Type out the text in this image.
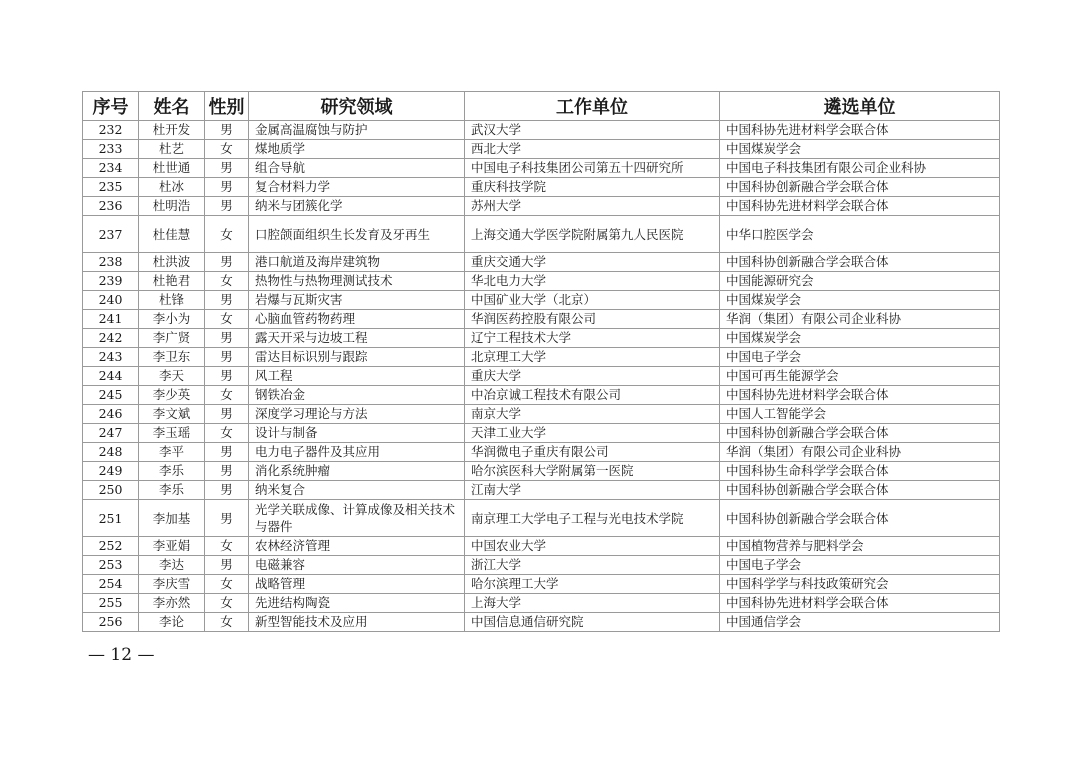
序号	姓名	性别	研究领域	工作单位	遴选单位
232	杜开发	男	金属高温腐蚀与防护	武汉大学	中国科协先进材料学会联合体
233	杜艺	女	煤地质学	西北大学	中国煤炭学会
234	杜世通	男	组合导航	中国电子科技集团公司第五十四研究所	中国电子科技集团有限公司企业科协
235	杜冰	男	复合材料力学	重庆科技学院	中国科协创新融合学会联合体
236	杜明浩	男	纳米与团簇化学	苏州大学	中国科协先进材料学会联合体
237	杜佳慧	女	口腔颌面组织生长发育及牙再生	上海交通大学医学院附属第九人民医院	中华口腔医学会
238	杜洪波	男	港口航道及海岸建筑物	重庆交通大学	中国科协创新融合学会联合体
239	杜艳君	女	热物性与热物理测试技术	华北电力大学	中国能源研究会
240	杜锋	男	岩爆与瓦斯灾害	中国矿业大学（北京）	中国煤炭学会
241	李小为	女	心脑血管药物药理	华润医药控股有限公司	华润（集团）有限公司企业科协
242	李广贤	男	露天开采与边坡工程	辽宁工程技术大学	中国煤炭学会
243	李卫东	男	雷达目标识别与跟踪	北京理工大学	中国电子学会
244	李天	男	风工程	重庆大学	中国可再生能源学会
245	李少英	女	钢铁冶金	中冶京诚工程技术有限公司	中国科协先进材料学会联合体
246	李文斌	男	深度学习理论与方法	南京大学	中国人工智能学会
247	李玉瑶	女	设计与制备	天津工业大学	中国科协创新融合学会联合体
248	李平	男	电力电子器件及其应用	华润微电子重庆有限公司	华润（集团）有限公司企业科协
249	李乐	男	消化系统肿瘤	哈尔滨医科大学附属第一医院	中国科协生命科学学会联合体
250	李乐	男	纳米复合	江南大学	中国科协创新融合学会联合体
251	李加基	男	光学关联成像、计算成像及相关技术与器件	南京理工大学电子工程与光电技术学院	中国科协创新融合学会联合体
252	李亚娟	女	农林经济管理	中国农业大学	中国植物营养与肥料学会
253	李达	男	电磁兼容	浙江大学	中国电子学会
254	李庆雪	女	战略管理	哈尔滨理工大学	中国科学学与科技政策研究会
255	李亦然	女	先进结构陶瓷	上海大学	中国科协先进材料学会联合体
256	李论	女	新型智能技术及应用	中国信息通信研究院	中国通信学会
— 12 —
